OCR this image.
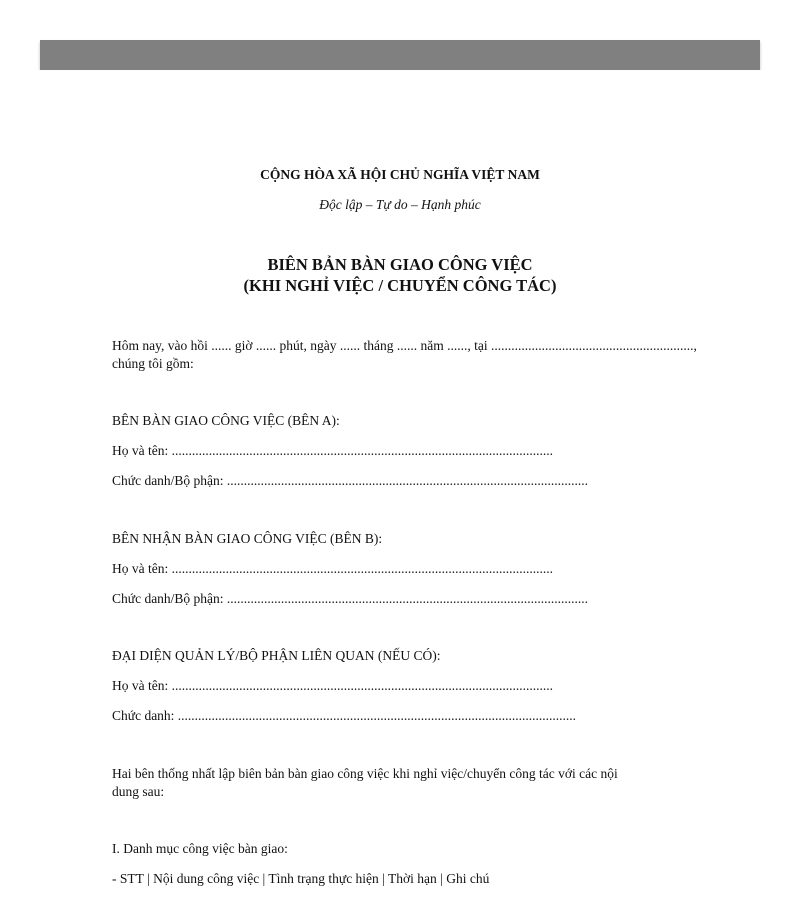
CỘNG HÒA XÃ HỘI CHỦ NGHĨA VIỆT NAM
Độc lập – Tự do – Hạnh phúc
BIÊN BẢN BÀN GIAO CÔNG VIỆC
(KHI NGHỈ VIỆC / CHUYỂN CÔNG TÁC)
Hôm nay, vào hồi ...... giờ ...... phút, ngày ...... tháng ...... năm ......, tại ............................................................,
chúng tôi gồm:
BÊN BÀN GIAO CÔNG VIỆC (BÊN A):
Họ và tên: .................................................................................................................
Chức danh/Bộ phận: ...........................................................................................................
BÊN NHẬN BÀN GIAO CÔNG VIỆC (BÊN B):
Họ và tên: .................................................................................................................
Chức danh/Bộ phận: ...........................................................................................................
ĐẠI DIỆN QUẢN LÝ/BỘ PHẬN LIÊN QUAN (NẾU CÓ):
Họ và tên: .................................................................................................................
Chức danh: ......................................................................................................................
Hai bên thống nhất lập biên bản bàn giao công việc khi nghỉ việc/chuyển công tác với các nội
dung sau:
I. Danh mục công việc bàn giao:
- STT | Nội dung công việc | Tình trạng thực hiện | Thời hạn | Ghi chú
